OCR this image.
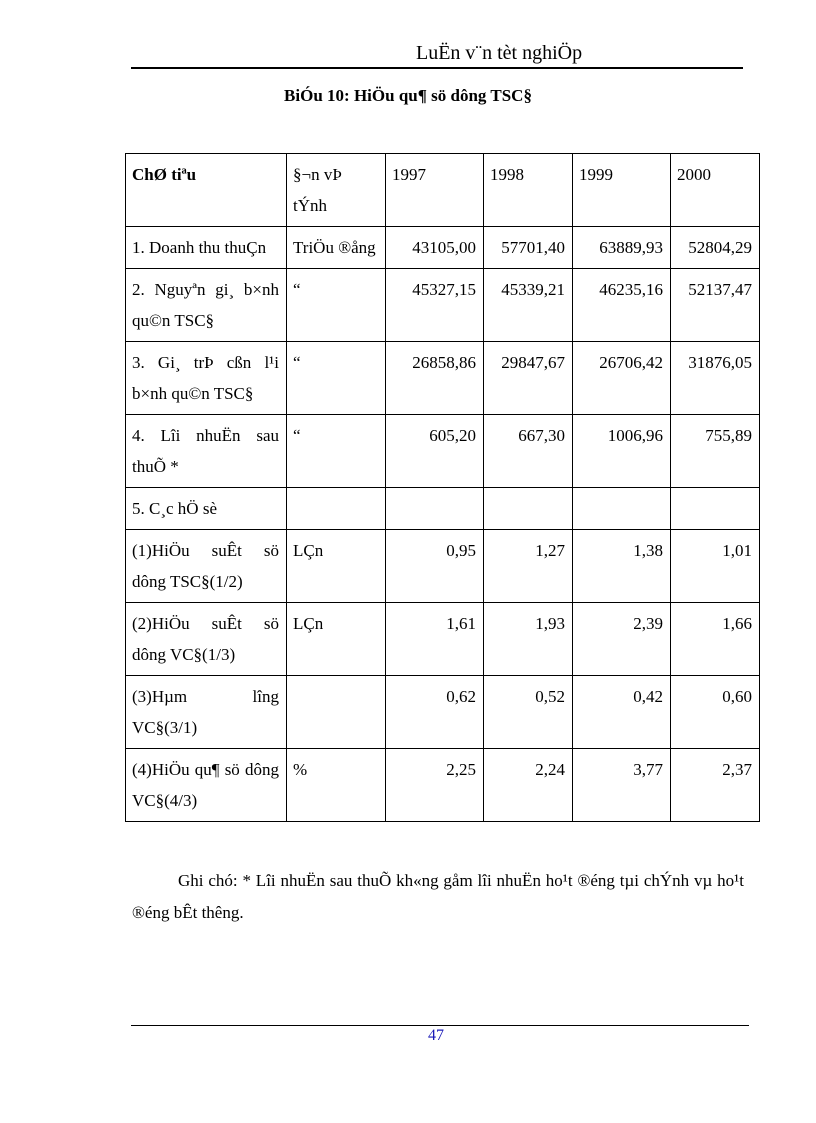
LuËn v¨n tèt nghiÖp
BiÓu 10: HiÖu qu¶ sö dông TSC§
ChØ tiªu	§¬n vÞ tÝnh	1997	1998	1999	2000
1. Doanh thu thuÇn	TriÖu ®ång	43105,00	57701,40	63889,93	52804,29
2. Nguyªn gi¸ b×nh qu©n TSC§	“	45327,15	45339,21	46235,16	52137,47
3. Gi¸ trÞ cßn l¹i b×nh qu©n TSC§	“	26858,86	29847,67	26706,42	31876,05
4. Lîi nhuËn sau thuÕ *	“	605,20	667,30	1006,96	755,89
5. C¸c hÖ sè					
(1)HiÖu suÊt sö dông TSC§(1/2)	LÇn	0,95	1,27	1,38	1,01
(2)HiÖu suÊt sö dông VC§(1/3)	LÇn	1,61	1,93	2,39	1,66
(3)Hµm lîng VC§(3/1)		0,62	0,52	0,42	0,60
(4)HiÖu qu¶ sö dông VC§(4/3)	%	2,25	2,24	3,77	2,37
Ghi chó: * Lîi nhuËn sau thuÕ kh«ng gåm lîi nhuËn ho¹t ®éng tµi chÝnh vµ ho¹t ®éng bÊt thêng.
47
